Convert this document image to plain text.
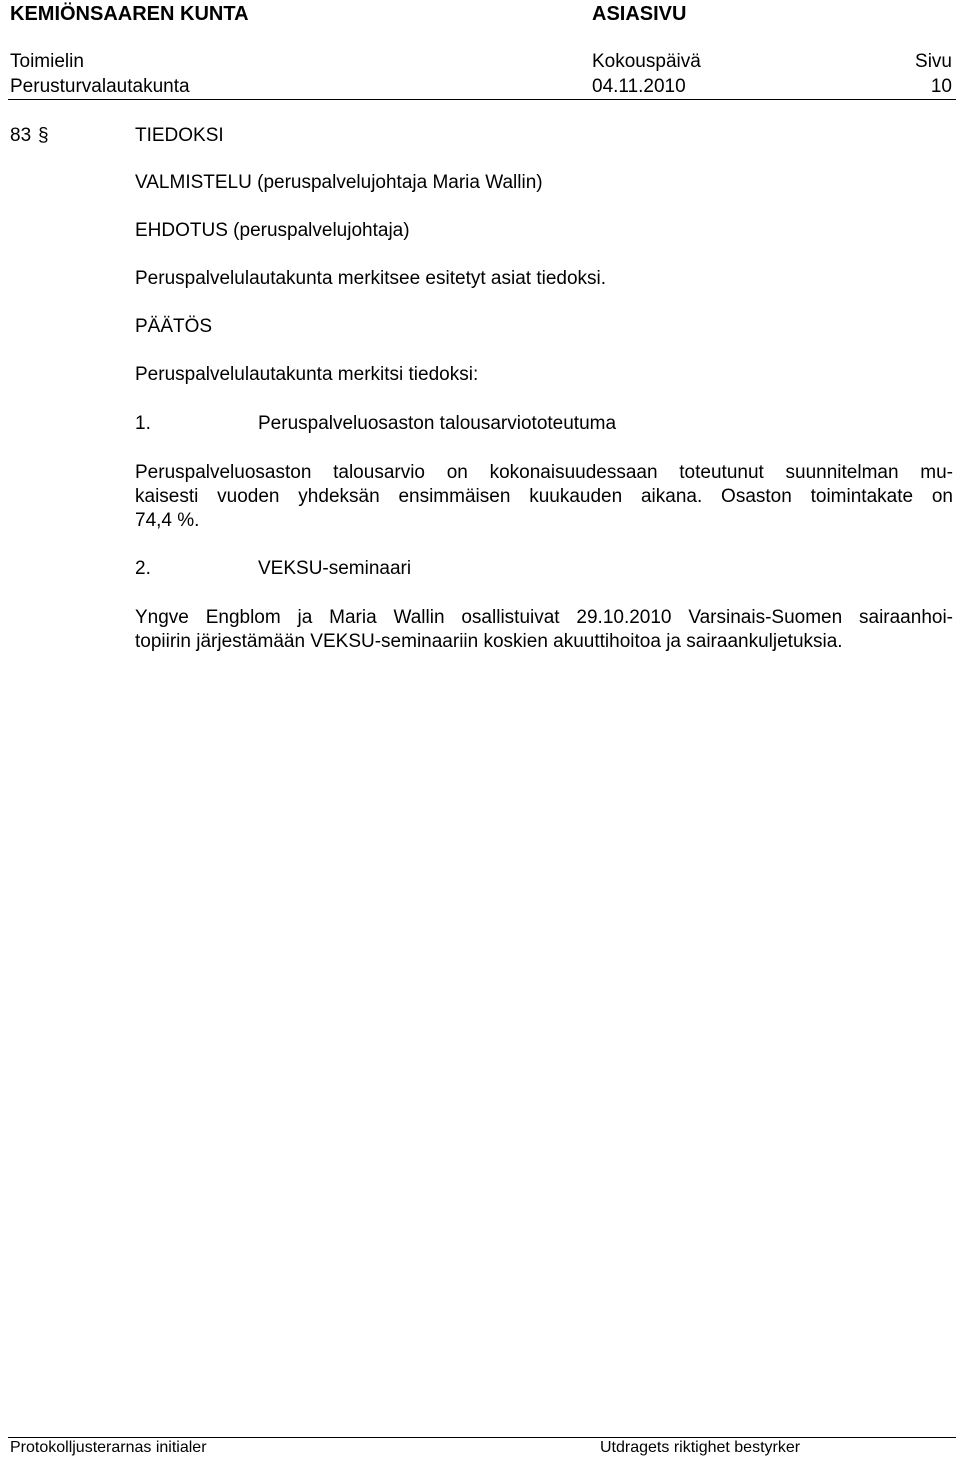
KEMIÖNSAAREN KUNTA	ASIASIVU
Toimielin	Kokouspäivä	Sivu
Perusturvalautakunta	04.11.2010	10
83 §	TIEDOKSI
VALMISTELU (peruspalvelujohtaja Maria Wallin)
EHDOTUS (peruspalvelujohtaja)
Peruspalvelulautakunta merkitsee esitetyt asiat tiedoksi.
PÄÄTÖS
Peruspalvelulautakunta merkitsi tiedoksi:
1.	Peruspalveluosaston talousarviototeutuma
Peruspalveluosaston talousarvio on kokonaisuudessaan toteutunut suunnitelman mu-
kaisesti vuoden yhdeksän ensimmäisen kuukauden aikana. Osaston toimintakate on
74,4 %.
2.	VEKSU-seminaari
Yngve Engblom ja Maria Wallin osallistuivat 29.10.2010 Varsinais-Suomen sairaanhoi-
topiirin järjestämään VEKSU-seminaariin koskien akuuttihoitoa ja sairaankuljetuksia.
Protokolljusterarnas initialer	Utdragets riktighet bestyrker
